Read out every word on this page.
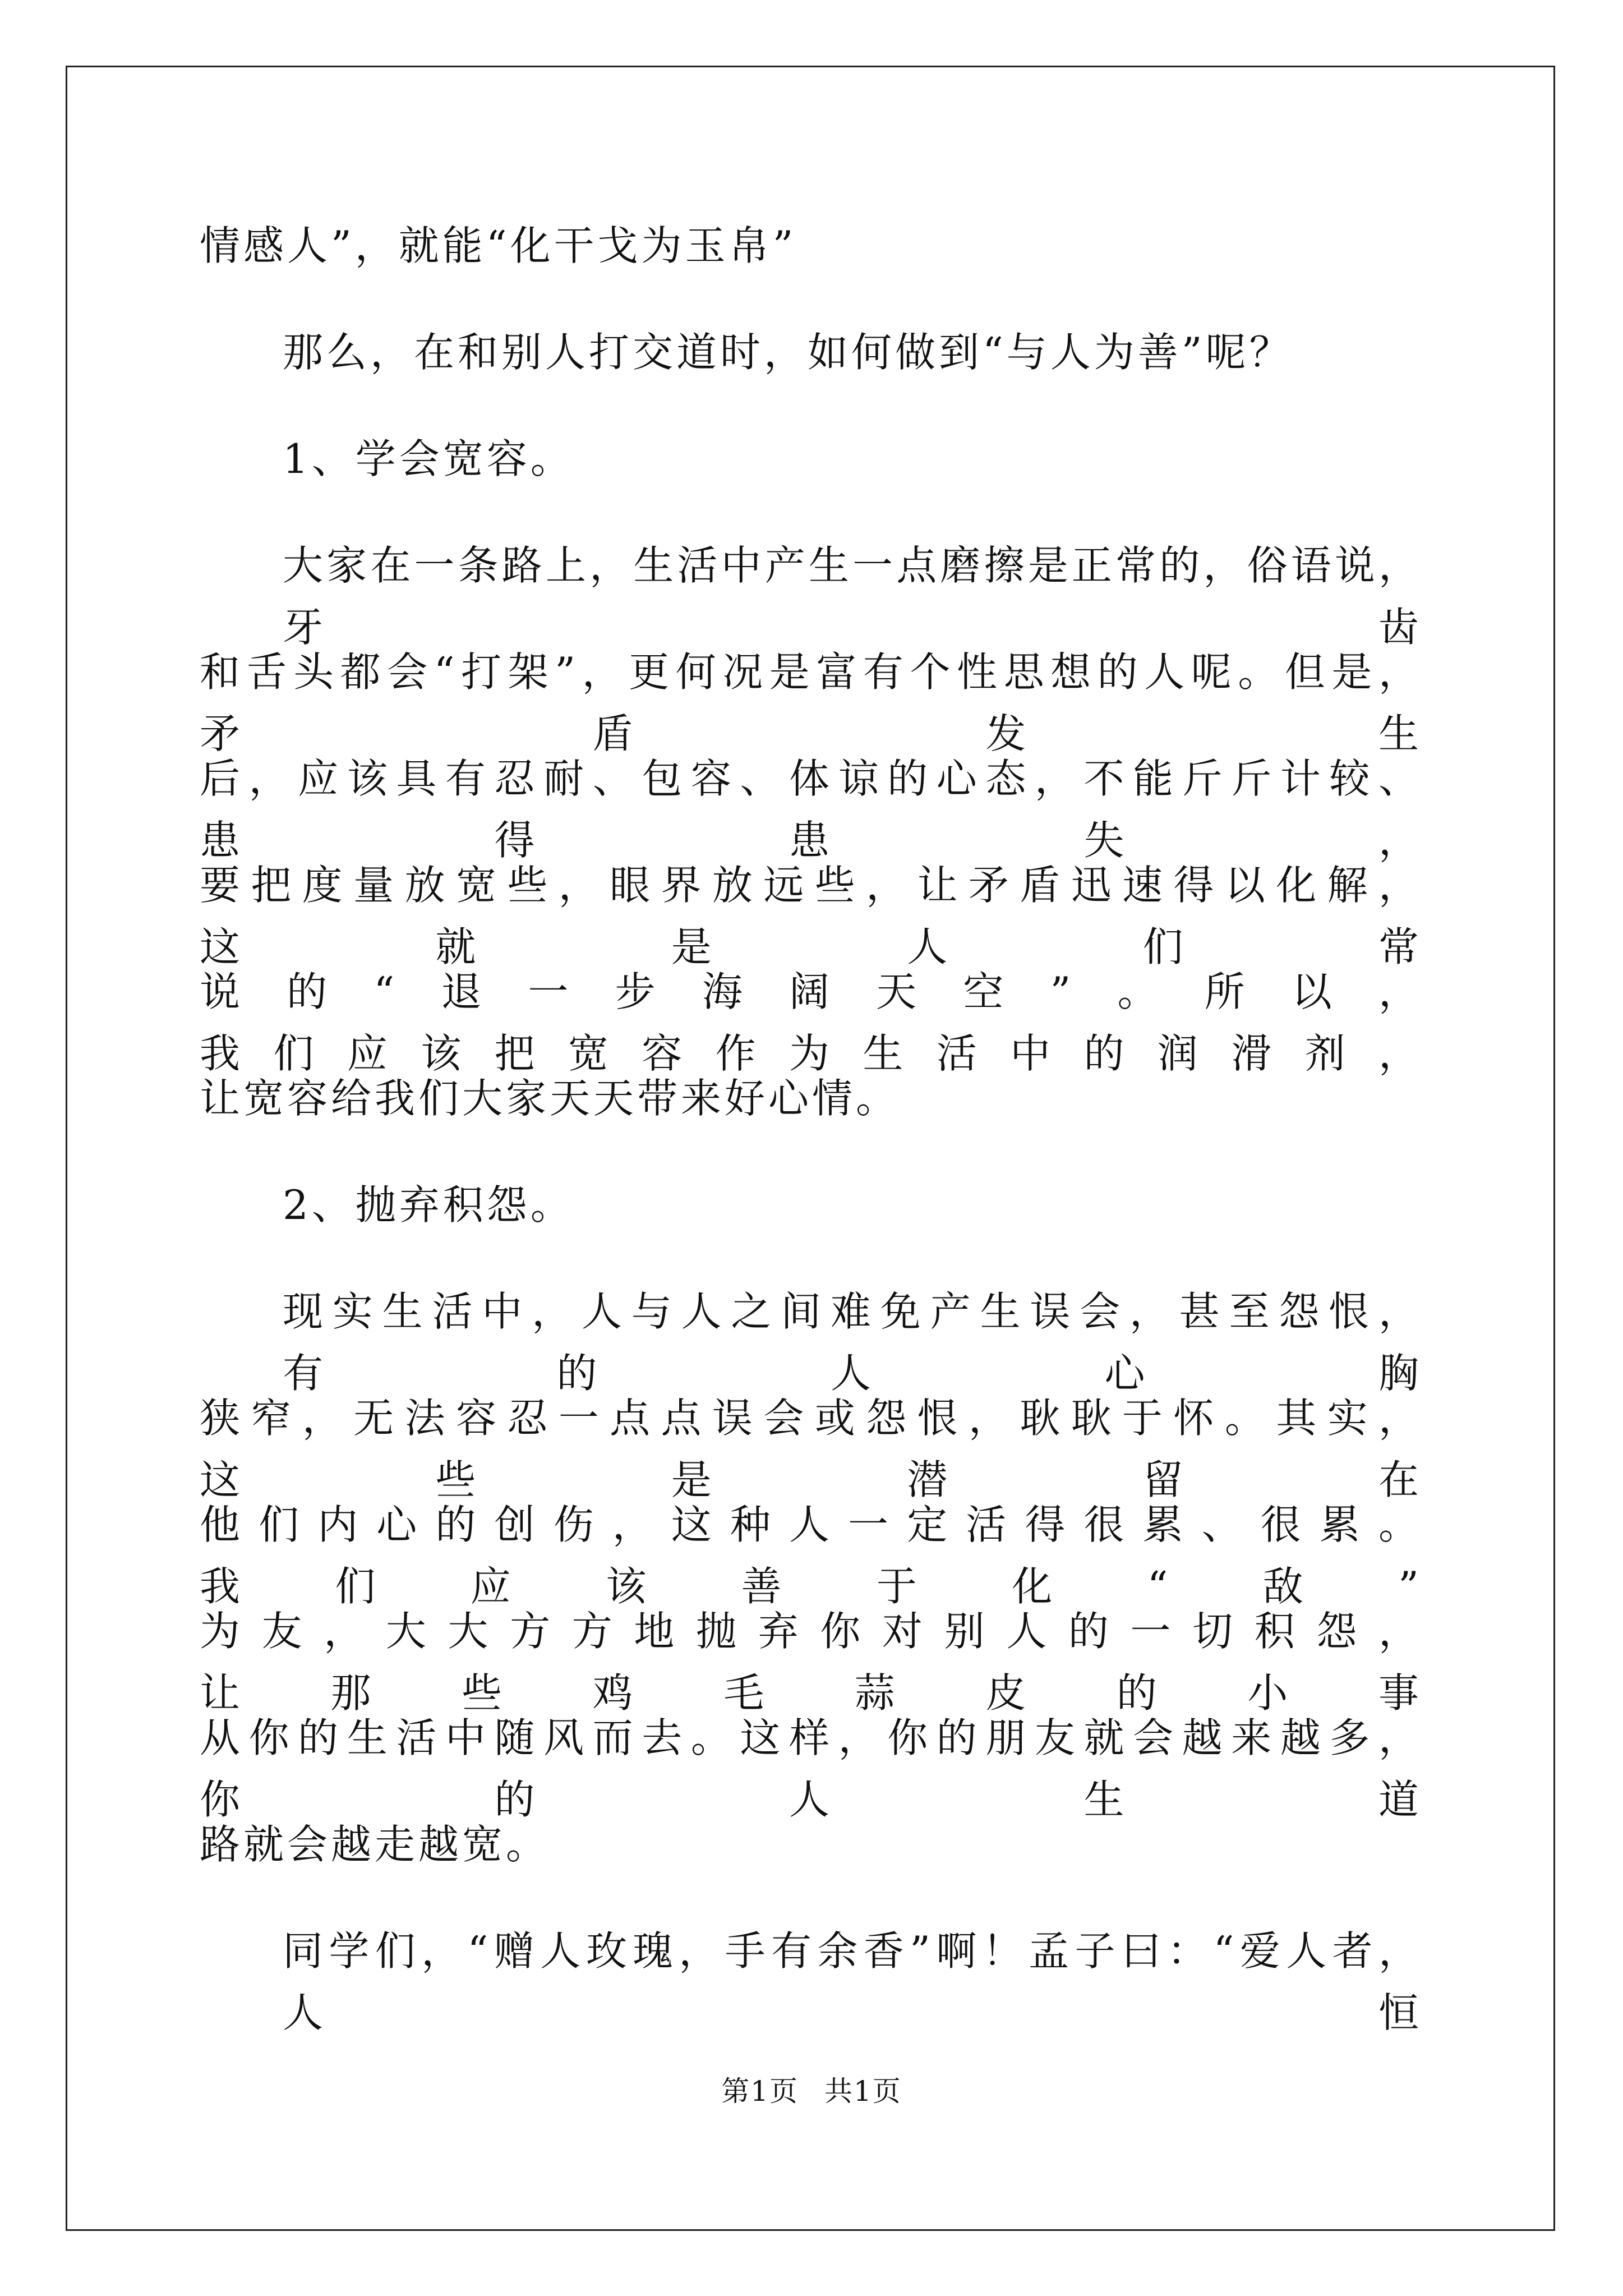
情感人”，就能“化干戈为玉帛”
那么，在和别人打交道时，如何做到“与人为善”呢？
1、学会宽容。
大家在一条路上，生活中产生一点磨擦是正常的，俗语说，牙齿
和舌头都会“打架”，更何况是富有个性思想的人呢。但是，矛盾发生
后，应该具有忍耐、包容、体谅的心态，不能斤斤计较、患得患失，
要把度量放宽些，眼界放远些，让矛盾迅速得以化解，这就是人们常
说的“退一步海阔天空”。所以，我们应该把宽容作为生活中的润滑剂，
让宽容给我们大家天天带来好心情。
2、抛弃积怨。
现实生活中，人与人之间难免产生误会，甚至怨恨，有的人心胸
狭窄，无法容忍一点点误会或怨恨，耿耿于怀。其实，这些是潜留在
他们内心的创伤，这种人一定活得很累、很累。我们应该善于化“敌”
为友，大大方方地抛弃你对别人的一切积怨，让那些鸡毛蒜皮的小事
从你的生活中随风而去。这样，你的朋友就会越来越多，你的人生道
路就会越走越宽。
同学们，“赠人玫瑰，手有余香”啊！孟子曰：“爱人者，人恒
第1页 共1页
